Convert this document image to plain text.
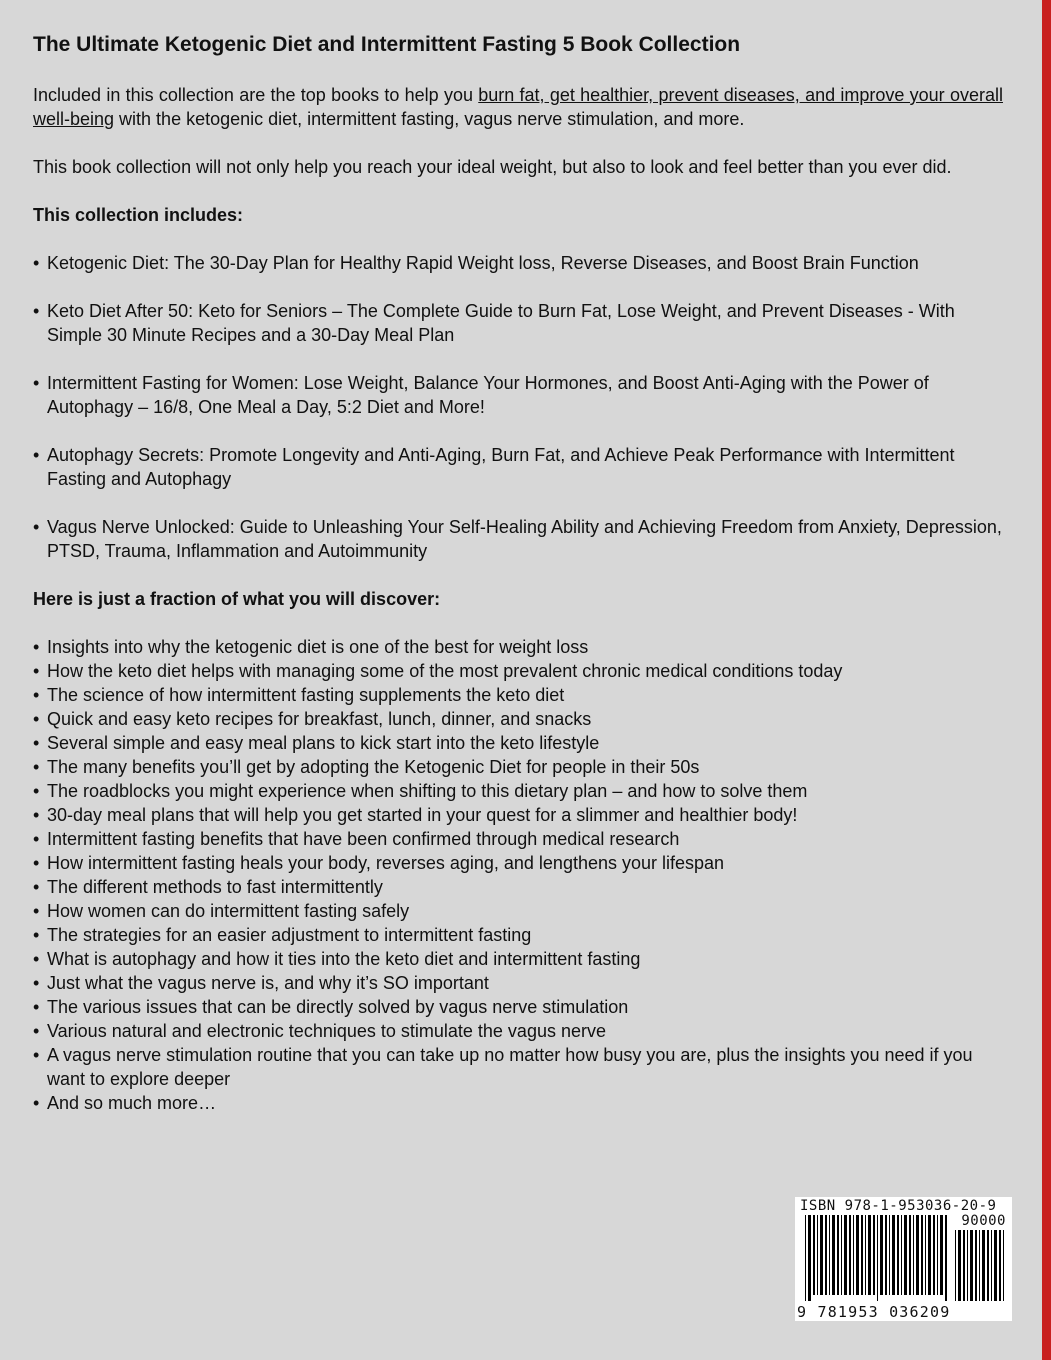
The Ultimate Ketogenic Diet and Intermittent Fasting 5 Book Collection

Included in this collection are the top books to help you burn fat, get healthier, prevent diseases, and improve your overall well-being with the ketogenic diet, intermittent fasting, vagus nerve stimulation, and more.

This book collection will not only help you reach your ideal weight, but also to look and feel better than you ever did.

This collection includes:

• Ketogenic Diet: The 30-Day Plan for Healthy Rapid Weight loss, Reverse Diseases, and Boost Brain Function
• Keto Diet After 50: Keto for Seniors – The Complete Guide to Burn Fat, Lose Weight, and Prevent Diseases - With Simple 30 Minute Recipes and a 30-Day Meal Plan
• Intermittent Fasting for Women: Lose Weight, Balance Your Hormones, and Boost Anti-Aging with the Power of Autophagy – 16/8, One Meal a Day, 5:2 Diet and More!
• Autophagy Secrets: Promote Longevity and Anti-Aging, Burn Fat, and Achieve Peak Performance with Intermittent Fasting and Autophagy
• Vagus Nerve Unlocked: Guide to Unleashing Your Self-Healing Ability and Achieving Freedom from Anxiety, Depression, PTSD, Trauma, Inflammation and Autoimmunity

Here is just a fraction of what you will discover:

• Insights into why the ketogenic diet is one of the best for weight loss
• How the keto diet helps with managing some of the most prevalent chronic medical conditions today
• The science of how intermittent fasting supplements the keto diet
• Quick and easy keto recipes for breakfast, lunch, dinner, and snacks
• Several simple and easy meal plans to kick start into the keto lifestyle
• The many benefits you’ll get by adopting the Ketogenic Diet for people in their 50s
• The roadblocks you might experience when shifting to this dietary plan – and how to solve them
• 30-day meal plans that will help you get started in your quest for a slimmer and healthier body!
• Intermittent fasting benefits that have been confirmed through medical research
• How intermittent fasting heals your body, reverses aging, and lengthens your lifespan
• The different methods to fast intermittently
• How women can do intermittent fasting safely
• The strategies for an easier adjustment to intermittent fasting
• What is autophagy and how it ties into the keto diet and intermittent fasting
• Just what the vagus nerve is, and why it’s SO important
• The various issues that can be directly solved by vagus nerve stimulation
• Various natural and electronic techniques to stimulate the vagus nerve
• A vagus nerve stimulation routine that you can take up no matter how busy you are, plus the insights you need if you want to explore deeper
• And so much more…
ISBN 978-1-953036-20-9
90000
9 781953 036209
